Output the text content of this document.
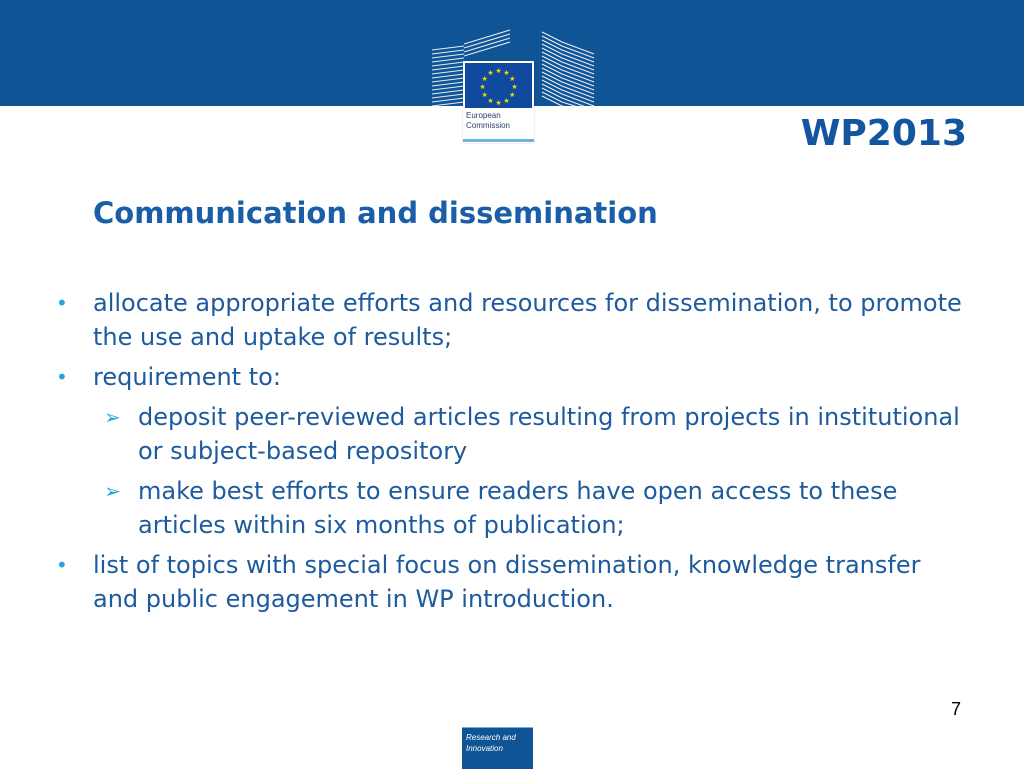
★ ★
★
★
★
★
★
★
★
★
★
★
European
Commission	WP2013
Communication and dissemination
• allocate appropriate efforts and resources for dissemination, to promote the use and uptake of results;
• requirement to:
➢ deposit peer-reviewed articles resulting from projects in institutional or subject-based repository
➢ make best efforts to ensure readers have open access to these articles within six months of publication;
• list of topics with special focus on dissemination, knowledge transfer and public engagement in WP introduction.
7
Research and
Innovation
